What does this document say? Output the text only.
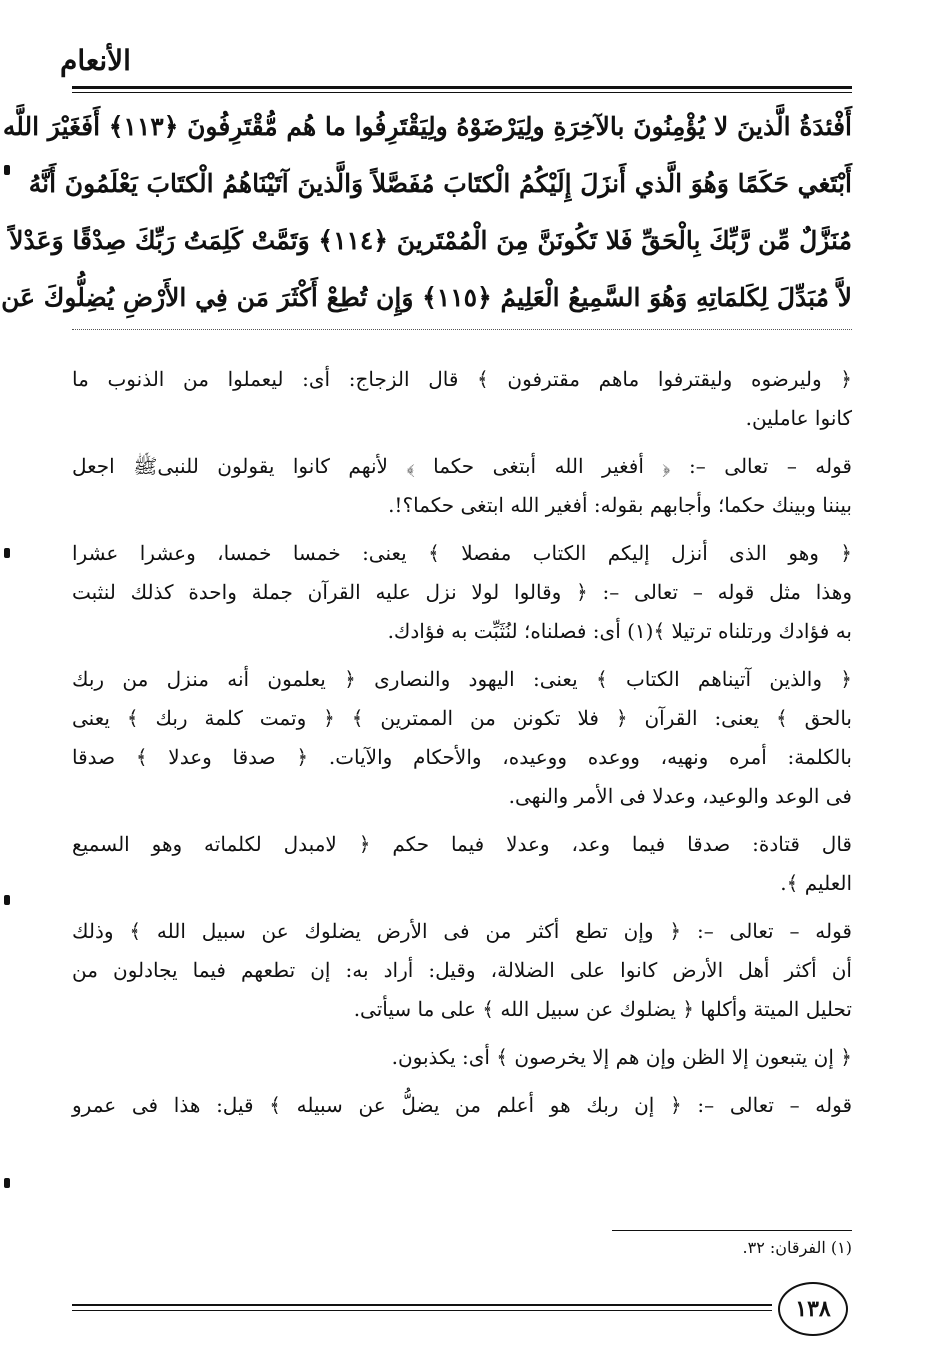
الأنعام
أَفْئدَةُ الَّذينَ لا يُؤْمِنُونَ بالآخِرَةِ ولِيَرْضَوْهُ ولِيَقْتَرِفُوا ما هُم مُّقْتَرِفُونَ ﴿١١٣﴾ أَفَغَيْرَ اللَّه
أَبْتَغي حَكَمًا وَهُوَ الَّذي أَنزَلَ إِلَيْكُمُ الْكتَابَ مُفَصَّلاً وَالَّذينَ آتَيْنَاهُمُ الْكتَابَ يَعْلَمُونَ أَنَّهُ
مُنَزَّلٌ مِّن رَّبِّكَ بِالْحَقِّ فَلا تَكُونَنَّ مِنَ الْمُمْتَرينَ ﴿١١٤﴾ وَتَمَّتْ كَلِمَتُ رَبِّكَ صِدْقًا وَعَدْلاً
لاَّ مُبَدِّلَ لِكَلمَاتِهِ وَهُوَ السَّمِيعُ الْعَلِيمُ ﴿١١٥﴾ وَإِن تُطِعْ أَكْثَرَ مَن فِي الأَرْضِ يُضِلُّوكَ عَن
﴿ وليرضوه وليقترفوا ماهم مقترفون ﴾ قال الزجاج: أى: ليعملوا من الذنوب ما
كانوا عاملين.
قوله – تعالى –: ﴿ أفغير الله أبتغى حكما ﴾ لأنهم كانوا يقولون للنبىﷺ اجعل
بيننا وبينك حكما؛ وأجابهم بقوله: أفغير الله ابتغى حكما؟!.
﴿ وهو الذى أنزل إليكم الكتاب مفصلا ﴾ يعنى: خمسا خمسا، وعشرا عشرا
وهذا مثل قوله – تعالى –: ﴿ وقالوا لولا نزل عليه القرآن جملة واحدة كذلك لنثبت
به فؤادك ورتلناه ترتيلا ﴾(١) أى: فصلناه؛ لنُثَبِّت به فؤادك.
﴿ والذين آتيناهم الكتاب ﴾ يعنى: اليهود والنصارى ﴿ يعلمون أنه منزل من ربك
بالحق ﴾ يعنى: القرآن ﴿ فلا تكونن من الممترين ﴾ ﴿ وتمت كلمة ربك ﴾ يعنى
بالكلمة: أمره ونهيه، ووعده ووعيده، والأحكام والآيات. ﴿ صدقا وعدلا ﴾ صدقا
فى الوعد والوعيد، وعدلا فى الأمر والنهى.
قال قتادة: صدقا فيما وعد، وعدلا فيما حكم ﴿ لامبدل لكلماته وهو السميع
العليم ﴾.
قوله – تعالى –: ﴿ وإن تطع أكثر من فى الأرض يضلوك عن سبيل الله ﴾ وذلك
أن أكثر أهل الأرض كانوا على الضلالة، وقيل: أراد به: إن تطعهم فيما يجادلون من
تحليل الميتة وأكلها ﴿ يضلوك عن سبيل الله ﴾ على ما سيأتى.
﴿ إن يتبعون إلا الظن وإن هم إلا يخرصون ﴾ أى: يكذبون.
قوله – تعالى –: ﴿ إن ربك هو أعلم من يضلُّ عن سبيله ﴾ قيل: هذا فى عمرو
(١) الفرقان: ٣٢.
١٣٨
